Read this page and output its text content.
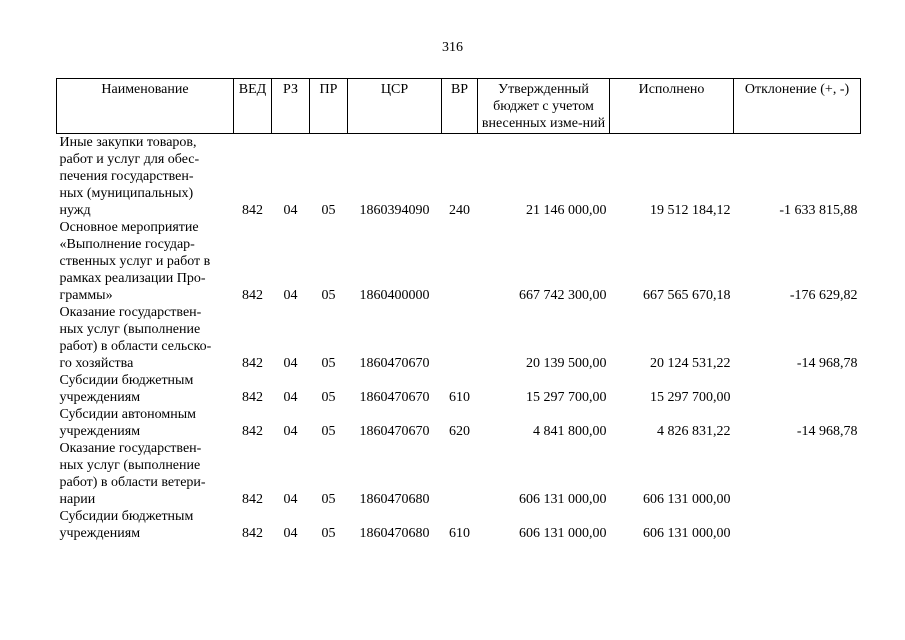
316
Наименование	ВЕД	РЗ	ПР	ЦСР	ВР	Утвержденный бюджет с учетом внесенных изме-ний	Исполнено	Отклонение (+, -)
Иные закупки товаров,
работ и услуг для обес-
печения государствен-
ных (муниципальных)
нужд	842	04	05	1860394090	240	21 146 000,00	19 512 184,12	-1 633 815,88
Основное мероприятие
«Выполнение государ-
ственных услуг и работ в
рамках реализации Про-
граммы»	842	04	05	1860400000		667 742 300,00	667 565 670,18	-176 629,82
Оказание государствен-
ных услуг (выполнение
работ) в области сельско-
го хозяйства	842	04	05	1860470670		20 139 500,00	20 124 531,22	-14 968,78
Субсидии бюджетным
учреждениям	842	04	05	1860470670	610	15 297 700,00	15 297 700,00	
Субсидии автономным
учреждениям	842	04	05	1860470670	620	4 841 800,00	4 826 831,22	-14 968,78
Оказание государствен-
ных услуг (выполнение
работ) в области ветери-
нарии	842	04	05	1860470680		606 131 000,00	606 131 000,00	
Субсидии бюджетным
учреждениям	842	04	05	1860470680	610	606 131 000,00	606 131 000,00	
